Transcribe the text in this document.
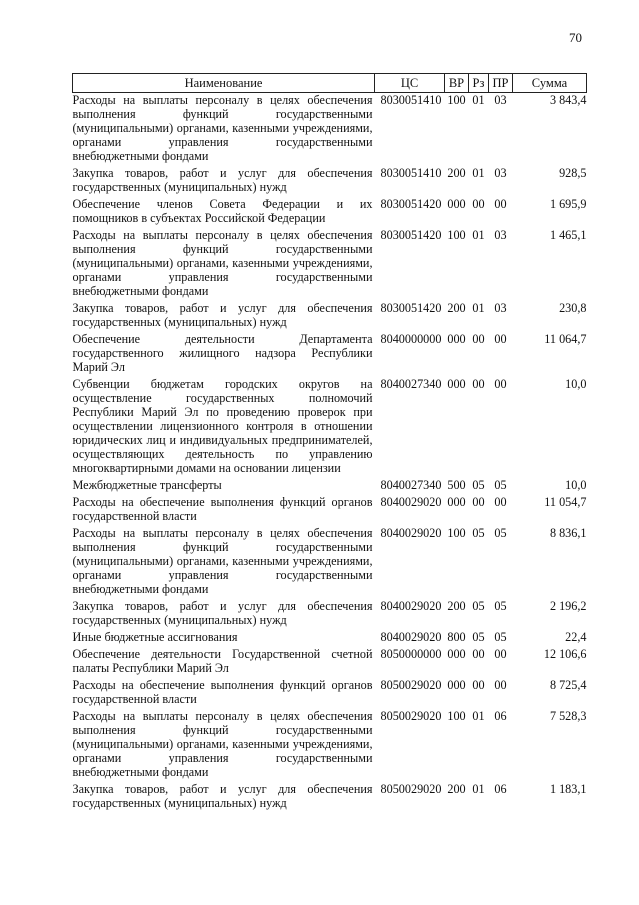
70
Наименование	ЦС	ВР	Рз	ПР	Сумма
Расходы на выплаты персоналу в целях обеспечения выполнения функций государственными (муниципальными) органами, казенными учреждениями, органами управления государственными внебюджетными фондами	8030051410	100	01	03	3 843,4
Закупка товаров, работ и услуг для обеспечения государственных (муниципальных) нужд	8030051410	200	01	03	928,5
Обеспечение членов Совета Федерации и их помощников в субъектах Российской Федерации	8030051420	000	00	00	1 695,9
Расходы на выплаты персоналу в целях обеспечения выполнения функций государственными (муниципальными) органами, казенными учреждениями, органами управления государственными внебюджетными фондами	8030051420	100	01	03	1 465,1
Закупка товаров, работ и услуг для обеспечения государственных (муниципальных) нужд	8030051420	200	01	03	230,8
Обеспечение деятельности Департамента государственного жилищного надзора Республики Марий Эл	8040000000	000	00	00	11 064,7
Субвенции бюджетам городских округов на осуществление государственных полномочий Республики Марий Эл по проведению проверок при осуществлении лицензионного контроля в отношении юридических лиц и индивидуальных предпринимателей, осуществляющих деятельность по управлению многоквартирными домами на основании лицензии	8040027340	000	00	00	10,0
Межбюджетные трансферты	8040027340	500	05	05	10,0
Расходы на обеспечение выполнения функций органов государственной власти	8040029020	000	00	00	11 054,7
Расходы на выплаты персоналу в целях обеспечения выполнения функций государственными (муниципальными) органами, казенными учреждениями, органами управления государственными внебюджетными фондами	8040029020	100	05	05	8 836,1
Закупка товаров, работ и услуг для обеспечения государственных (муниципальных) нужд	8040029020	200	05	05	2 196,2
Иные бюджетные ассигнования	8040029020	800	05	05	22,4
Обеспечение деятельности Государственной счетной палаты Республики Марий Эл	8050000000	000	00	00	12 106,6
Расходы на обеспечение выполнения функций органов государственной власти	8050029020	000	00	00	8 725,4
Расходы на выплаты персоналу в целях обеспечения выполнения функций государственными (муниципальными) органами, казенными учреждениями, органами управления государственными внебюджетными фондами	8050029020	100	01	06	7 528,3
Закупка товаров, работ и услуг для обеспечения государственных (муниципальных) нужд	8050029020	200	01	06	1 183,1
